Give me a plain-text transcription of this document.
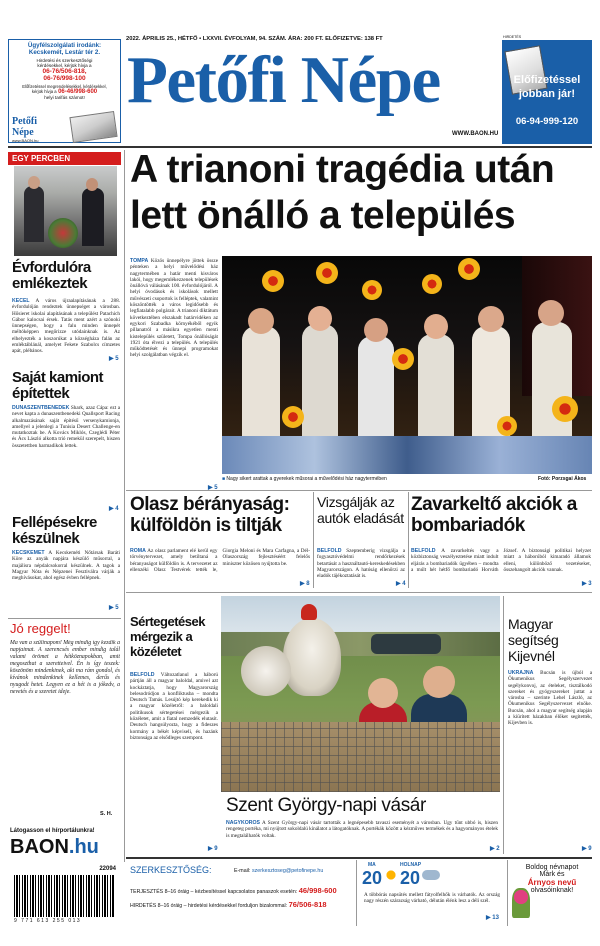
Ügyfélszolgálati irodánk:
Kecskemét, Lestár tér 2.
Hirdetési és szerkesztőségi
kérdésekkel, kérjük hívja a
06-76/506-818,
06-76/998-100
Előfizetéssel megrendelésekkel, kérdésekkel,
kérjük hívja a 06-46/998-600
helyi tarifás számot!
Petőfi Népe
www.BAON.hu
2022. ÁPRILIS 25., HÉTFŐ • LXXVII. ÉVFOLYAM, 94. SZÁM. ÁRA: 200 FT. ELŐFIZETVE: 138 FT
Petőfi Népe
WWW.BAON.HU
HIRDETÉS
Előfizetéssel
jobban jár!
06-94-999-120
EGY PERCBEN
Évfordulóra emlékeztek
KECEL A város újraalapításának a 288. évfordulóján rendeztek ünnepséget a városban. Hősieret iskolai alapításának a települést Patachich Gábor kalocsai érsek. Tatás ment azért a szónoki ünnepségen, hogy a falu minden ünnepét méltóképpen megőrizze utódainknak is. Az elhelyezték a koszorúkat a községháza falán az emléktáblánál, amelyet Fekete Szabolcs címzetes apát, plébános.
▶ 5
Saját kamiont építettek
DUNASZENTBENEDEK Shark, azaz Cápa: ezt a nevet kapta a dunaszentbenedeki Quallsport Racing alkalmazásának saját építésű versenykamionja, amellyel a jelenlegi a Tunisia Desert Challenge-en mutatkoztak be. A Kovács Miklós, Czeglédi Péter és Ács László alkotta trió remekül szerepelt, hiszen összetettben harmadikok lettek.
▶ 4
Fellépésekre készülnek
KECSKEMÉT A Kecskeméti Nőtársak Baráti Köre az anyák napjára készülő műsorral, a majálisra népdalcsokorral készülnek. A tagok a Magyar Nóta és Népzenei Fesztiválra várják a meghívásokat, ahol egész évben fellépnek.
▶ 5
Jó reggelt!
Ma van a szülinapom! Még mindig így kezdik a napjaimat. A szerencsés ember mindig talál valami örömet a hétköznapokban, amit megoszthat a szeretteivel. Én is így teszek: köszönöm mindenkinek, aki ma rám gondol, és kívánok mindenkinek kellemes, derűs és nyugodt hetet. Legyen ez a hét is a jókedv, a nevetés és a szeretet ideje.
S. H.
Látogasson el hírportálunkra!
BAON.hu
22094
9 771 613 255 013
A trianoni tragédia után
lett önálló a település
TOMPA Közös ünnepélyre jöttek össze pénteken a helyi művelődési ház nagytermében a határ menti kisváros lakói, hogy megemlékezzenek települések önállóvá válásának 100. évfordulójáról. A helyi óvodások és iskolások mellett művészeti csoportok is felléptek, valamint köszöntötték a város legidősebb és legfiatalabb polgárait. A trianoni diktátum következtében elszakadt határvidéken az egykori Szabadka környékéből egyik pillanatról a másikra egyetlen menti kistelepülés született, Tompa önállóságát 1921 óta élvezi a település. A település működtetését és ünnepi programokat helyi szolgálatban végzik el.
■ Nagy sikert arattak a gyerekek műsorai a művelődési ház nagytermében	Fotó: Porzsgai Ákos
▶ 5
Olasz bérányaság: külföldön is tiltják
RÓMA Az olasz parlament elé kerül egy törvénytervezet, amely betiltaná a béranyaságot külföldön is. A tervezetet az ellenzéki Olasz Testvérek tették le, Giorgia Meloni és Mara Carfagna, a Dél-Olaszország fejlesztéséért felelős miniszter közösen nyújtotta be.
▶ 8
Vizsgálják az autók eladását
BELFÖLD Szeptemberig vizsgálja a fogyasztóvédelmi rendőrkezések betartását a használtautó-kereskedésekben Magyarországon. A hatóság ellenőrzi az eladók tájékoztatását is.
▶ 4
Zavarkeltő akciók a bombariadók
BELFÖLD A zavarkeltés vagy a közbiztonság veszélyeztetése miatt indult eljárás a bombariadók ügyében – mondta a múlt hét hétfő bombariadó Horváth József. A biztonsági politikai helyzet miatt a háborúból kimaradó államok elleni, különböző vezetéseket, összehangolt akciók vannak.
▶ 3
Sértegetések mérgezik a közéletet
BELFÖLD Változatlanul a háború pártján áll a magyar baloldal, amivel azt kockáztatja, hogy Magyarország belesodródjon a konfliktusba – mondta Deutsch Tamás. Lesújtó kép kerekedik ki a magyar közéletről: a baloldali politikusok sértegetései mérgezik a közéletet, amit a fiatal nemzedék elutasít. Deutsch hangsúlyozta, hogy a fideszes kormány a békét képviseli, és hazánk biztonsága az elsődleges szempont.
▶ 9
Szent György-napi vásár
NAGYKŐRÖS A Szent György-napi vásár tartották a legnépesebb tavaszi eseményét a városban. Ügy tűnt ubbó is, hiszen rengeteg portéka, mi nyújtott sokoldalú kínálatot a látogatóknak. A portékák között a kézműves termékek és a hagyományos ételek is megtalálhatók voltak.
▶ 2
Magyar segítség Kijevnél
UKRAJNA Bucsán is újból a Ökumenikus Segélyszervezet segélykonvoj, az ételeket, tisztálkodó szereket és gyógyszereket juttat a városba – szerinte Lehel László, az Ökumenikus Segélyszervezet elnöke. Bucsán, ahol a magyar segítség alapján a kiürített házakban élőket segítették, Kijevben is.
▶ 9
SZERKESZTŐSÉG:	E-mail: szerkesztoseg@petofinepe.hu
TERJESZTÉS 8–16 óráig – kézbesítéssel kapcsolatos panaszok esetén: 46/998-600
HIRDETÉS 8–16 óráig – hirdetési kérdésekkel forduljon bizalommal: 76/506-818
MA
20
HOLNAP
20
A többórás napsütés mellett fátyolfelhők is várhatók. Az ország nagy részén szárazság várható, délután élénk lesz a déli szél.
▶ 13
Boldog névnapot
Márk és
Árnyos nevű
olvasóinknak!
